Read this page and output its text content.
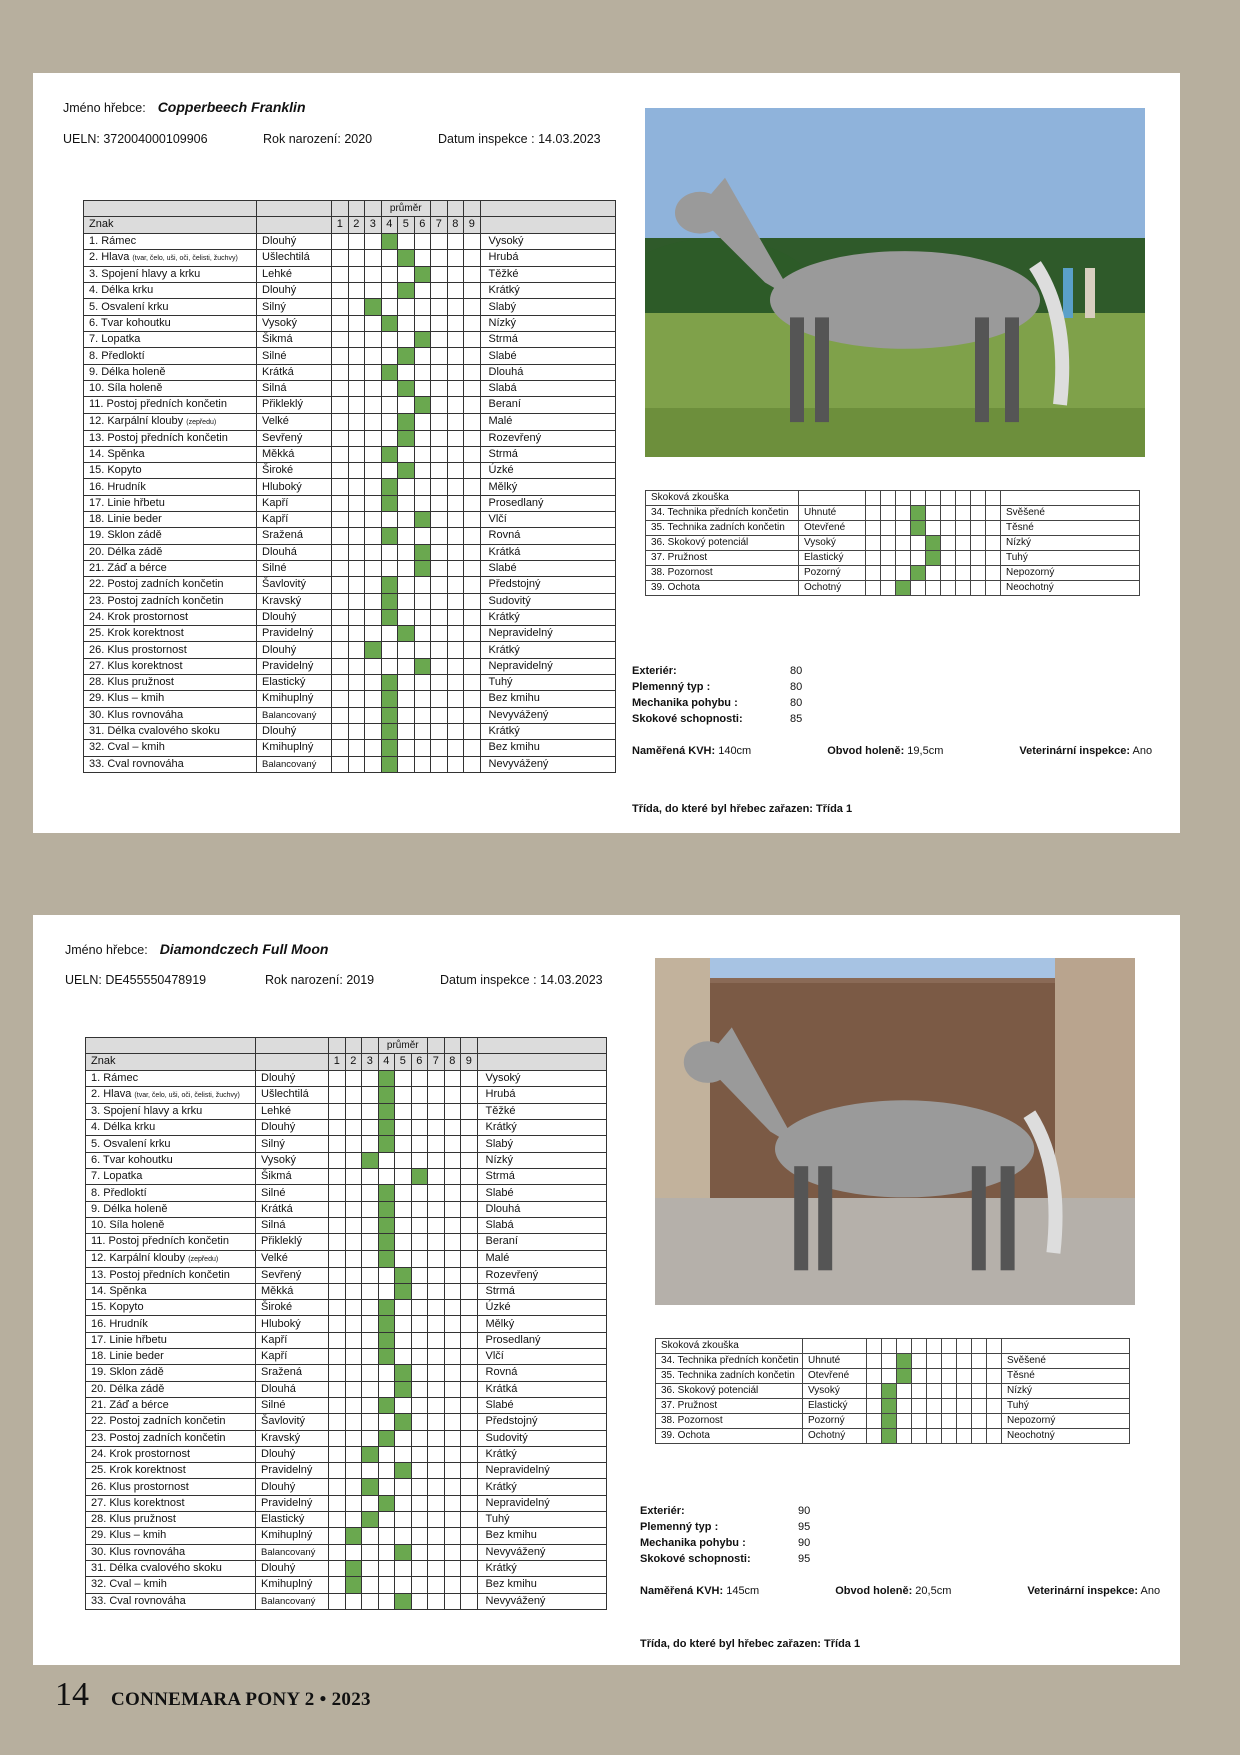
Jméno hřebce: Copperbeech Franklin
UELN: 372004000109906	Rok narození: 2020	Datum inspekce : 14.03.2023
					průměr						
Znak		1	2	3	4	5	6	7	8	9	
1. Rámec	Dlouhý										Vysoký
2. Hlava (tvar, čelo, uši, oči, čelisti, žuchvy)	Ušlechtilá										Hrubá
3. Spojení hlavy a krku	Lehké										Těžké
4. Délka krku	Dlouhý										Krátký
5. Osvalení krku	Silný										Slabý
6. Tvar kohoutku	Vysoký										Nízký
7. Lopatka	Šikmá										Strmá
8. Předloktí	Silné										Slabé
9. Délka holeně	Krátká										Dlouhá
10. Síla holeně	Silná										Slabá
11. Postoj předních končetin	Přikleklý										Beraní
12. Karpální klouby (zepředu)	Velké										Malé
13. Postoj předních končetin	Sevřený										Rozevřený
14. Spěnka	Měkká										Strmá
15. Kopyto	Široké										Úzké
16. Hrudník	Hluboký										Mělký
17. Linie hřbetu	Kapří										Prosedlaný
18. Linie beder	Kapří										Vlčí
19. Sklon zádě	Sražená										Rovná
20. Délka zádě	Dlouhá										Krátká
21. Záď a bérce	Silné										Slabé
22. Postoj zadních končetin	Šavlovitý										Předstojný
23. Postoj zadních končetin	Kravský										Sudovitý
24. Krok prostornost	Dlouhý										Krátký
25. Krok korektnost	Pravidelný										Nepravidelný
26. Klus prostornost	Dlouhý										Krátký
27. Klus korektnost	Pravidelný										Nepravidelný
28. Klus pružnost	Elastický										Tuhý
29. Klus – kmih	Kmihuplný										Bez kmihu
30. Klus rovnováha	Balancovaný										Nevyvážený
31. Délka cvalového skoku	Dlouhý										Krátký
32. Cval – kmih	Kmihuplný										Bez kmihu
33. Cval rovnováha	Balancovaný										Nevyvážený
Skoková zkouška											
34. Technika předních končetin	Uhnuté										Svěšené
35. Technika zadních končetin	Otevřené										Těsné
36. Skokový potenciál	Vysoký										Nízký
37. Pružnost	Elastický										Tuhý
38. Pozornost	Pozorný										Nepozorný
39. Ochota	Ochotný										Neochotný
Exteriér:	80
Plemenný typ :	80
Mechanika pohybu :	80
Skokové schopnosti:	85
Naměřená KVH: 140cm	Obvod holeně: 19,5cm	Veterinární inspekce: Ano
Třída, do které byl hřebec zařazen: Třída 1
Jméno hřebce: Diamondczech Full Moon
UELN: DE455550478919	Rok narození: 2019	Datum inspekce : 14.03.2023
					průměr						
Znak		1	2	3	4	5	6	7	8	9	
1. Rámec	Dlouhý										Vysoký
2. Hlava (tvar, čelo, uši, oči, čelisti, žuchvy)	Ušlechtilá										Hrubá
3. Spojení hlavy a krku	Lehké										Těžké
4. Délka krku	Dlouhý										Krátký
5. Osvalení krku	Silný										Slabý
6. Tvar kohoutku	Vysoký										Nízký
7. Lopatka	Šikmá										Strmá
8. Předloktí	Silné										Slabé
9. Délka holeně	Krátká										Dlouhá
10. Síla holeně	Silná										Slabá
11. Postoj předních končetin	Přikleklý										Beraní
12. Karpální klouby (zepředu)	Velké										Malé
13. Postoj předních končetin	Sevřený										Rozevřený
14. Spěnka	Měkká										Strmá
15. Kopyto	Široké										Úzké
16. Hrudník	Hluboký										Mělký
17. Linie hřbetu	Kapří										Prosedlaný
18. Linie beder	Kapří										Vlčí
19. Sklon zádě	Sražená										Rovná
20. Délka zádě	Dlouhá										Krátká
21. Záď a bérce	Silné										Slabé
22. Postoj zadních končetin	Šavlovitý										Předstojný
23. Postoj zadních končetin	Kravský										Sudovitý
24. Krok prostornost	Dlouhý										Krátký
25. Krok korektnost	Pravidelný										Nepravidelný
26. Klus prostornost	Dlouhý										Krátký
27. Klus korektnost	Pravidelný										Nepravidelný
28. Klus pružnost	Elastický										Tuhý
29. Klus – kmih	Kmihuplný										Bez kmihu
30. Klus rovnováha	Balancovaný										Nevyvážený
31. Délka cvalového skoku	Dlouhý										Krátký
32. Cval – kmih	Kmihuplný										Bez kmihu
33. Cval rovnováha	Balancovaný										Nevyvážený
Skoková zkouška											
34. Technika předních končetin	Uhnuté										Svěšené
35. Technika zadních končetin	Otevřené										Těsné
36. Skokový potenciál	Vysoký										Nízký
37. Pružnost	Elastický										Tuhý
38. Pozornost	Pozorný										Nepozorný
39. Ochota	Ochotný										Neochotný
Exteriér:	90
Plemenný typ :	95
Mechanika pohybu :	90
Skokové schopnosti:	95
Naměřená KVH: 145cm	Obvod holeně: 20,5cm	Veterinární inspekce: Ano
Třída, do které byl hřebec zařazen: Třída 1
14 CONNEMARA PONY 2 • 2023
